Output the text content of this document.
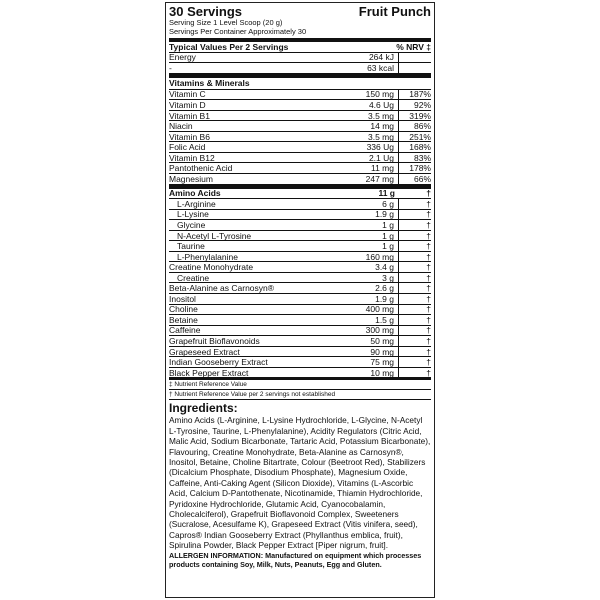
30 Servings	Fruit Punch
Serving Size 1 Level Scoop (20 g)
Servings Per Container Approximately 30
Typical Values Per 2 Servings	% NRV ‡
Energy	264 kJ
-	63 kcal
Vitamins & Minerals
Vitamin C	150 mg	187%
Vitamin D	4.6 Ug	92%
Vitamin B1	3.5 mg	319%
Niacin	14 mg	86%
Vitamin B6	3.5 mg	251%
Folic Acid	336 Ug	168%
Vitamin B12	2.1 Ug	83%
Pantothenic Acid	11 mg	178%
Magnesium	247 mg	66%
Amino Acids	11 g	†
L-Arginine	6 g	†
L-Lysine	1.9 g	†
Glycine	1 g	†
N-Acetyl L-Tyrosine	1 g	†
Taurine	1 g	†
L-Phenylalanine	160 mg	†
Creatine Monohydrate	3.4 g	†
Creatine	3 g	†
Beta-Alanine as Carnosyn®	2.6 g	†
Inositol	1.9 g	†
Choline	400 mg	†
Betaine	1.5 g	†
Caffeine	300 mg	†
Grapefruit Bioflavonoids	50 mg	†
Grapeseed Extract	90 mg	†
Indian Gooseberry Extract	75 mg	†
Black Pepper Extract	10 mg	†
‡ Nutrient Reference Value
† Nutrient Reference Value per 2 servings not established
Ingredients:
Amino Acids (L-Arginine, L-Lysine Hydrochloride, L-Glycine, N-Acetyl L-Tyrosine, Taurine, L-Phenylalanine), Acidity Regulators (Citric Acid, Malic Acid, Sodium Bicarbonate, Tartaric Acid, Potassium Bicarbonate), Flavouring, Creatine Monohydrate, Beta-Alanine as Carnosyn®, Inositol, Betaine, Choline Bitartrate, Colour (Beetroot Red), Stabilizers (Dicalcium Phosphate, Disodium Phosphate), Magnesium Oxide, Caffeine, Anti-Caking Agent (Silicon Dioxide), Vitamins (L-Ascorbic Acid, Calcium D-Pantothenate, Nicotinamide, Thiamin Hydrochloride, Pyridoxine Hydrochloride, Glutamic Acid, Cyanocobalamin, Cholecalciferol), Grapefruit Bioflavonoid Complex, Sweeteners (Sucralose, Acesulfame K), Grapeseed Extract (Vitis vinifera, seed), Capros® Indian Gooseberry Extract (Phyllanthus emblica, fruit), Spirulina Powder, Black Pepper Extract [Piper nigrum, fruit].
ALLERGEN INFORMATION: Manufactured on equipment which processes products containing Soy, Milk, Nuts, Peanuts, Egg and Gluten.
